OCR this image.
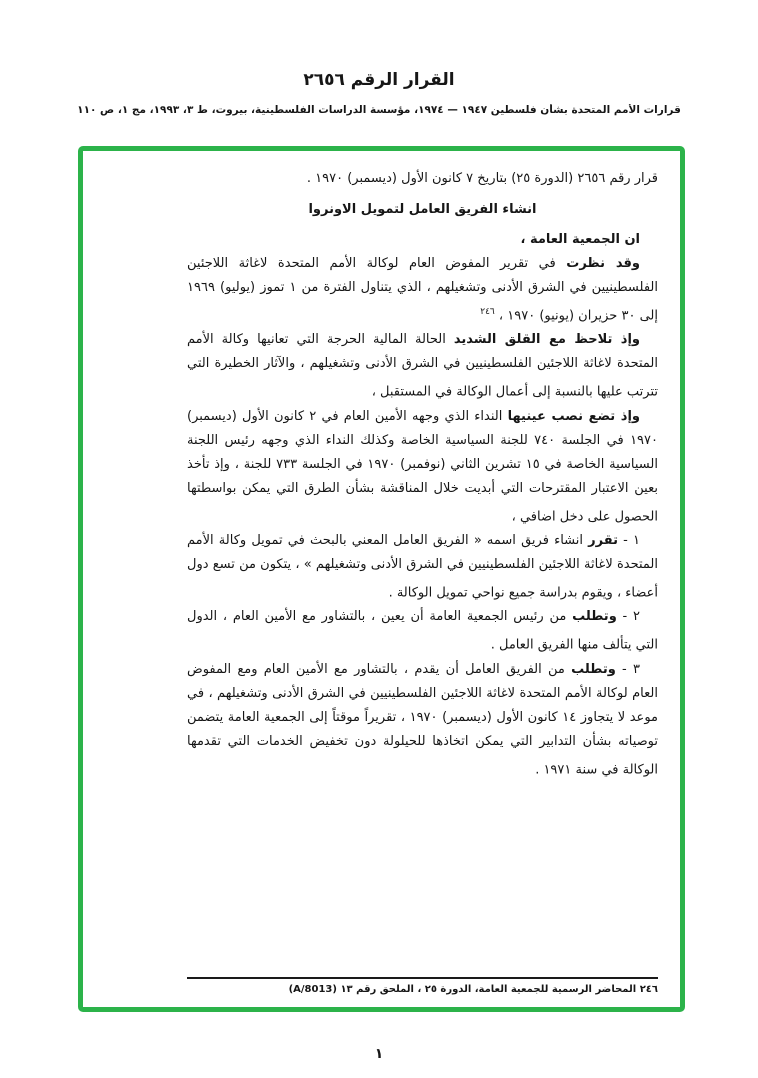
القرار الرقم ٢٦٥٦
قرارات الأمم المتحدة بشأن فلسطين ١٩٤٧ — ١٩٧٤، مؤسسة الدراسات الفلسطينية، بيروت، ط ٣، ١٩٩٣، مج ١، ص ١١٠

قرار رقم ٢٦٥٦ (الدورة ٢٥) بتاريخ ٧ كانون الأول (ديسمبر) ١٩٧٠ .

انشاء الفريق العامل لتمويل الاونروا

ان الجمعية العامة ،

وقد نظرت في تقرير المفوض العام لوكالة الأمم المتحدة لاغاثة اللاجئين الفلسطينيين في الشرق الأدنى وتشغيلهم ، الذي يتناول الفترة من ١ تموز (يوليو) ١٩٦٩ إلى ٣٠ حزيران (يونيو) ١٩٧٠ ، $^{٢٤٦}$

وإذ تلاحظ مع القلق الشديد الحالة المالية الحرجة التي تعانيها وكالة الأمم المتحدة لاغاثة اللاجئين الفلسطينيين في الشرق الأدنى وتشغيلهم ، والآثار الخطيرة التي تترتب عليها بالنسبة إلى أعمال الوكالة في المستقبل ،

وإذ تضع نصب عينيها النداء الذي وجهه الأمين العام في ٢ كانون الأول (ديسمبر) ١٩٧٠ في الجلسة ٧٤٠ للجنة السياسية الخاصة وكذلك النداء الذي وجهه رئيس اللجنة السياسية الخاصة في ١٥ تشرين الثاني (نوفمبر) ١٩٧٠ في الجلسة ٧٣٣ للجنة ، وإذ تأخذ بعين الاعتبار المقترحات التي أبديت خلال المناقشة بشأن الطرق التي يمكن بواسطتها الحصول على دخل اضافي ،

١ - تقرر انشاء فريق اسمه « الفريق العامل المعني بالبحث في تمويل وكالة الأمم المتحدة لاغاثة اللاجئين الفلسطينيين في الشرق الأدنى وتشغيلهم » ، يتكون من تسع دول أعضاء ، ويقوم بدراسة جميع نواحي تمويل الوكالة .

٢ - وتطلب من رئيس الجمعية العامة أن يعين ، بالتشاور مع الأمين العام ، الدول التي يتألف منها الفريق العامل .

٣ - وتطلب من الفريق العامل أن يقدم ، بالتشاور مع الأمين العام ومع المفوض العام لوكالة الأمم المتحدة لاغاثة اللاجئين الفلسطينيين في الشرق الأدنى وتشغيلهم ، في موعد لا يتجاوز ١٤ كانون الأول (ديسمبر) ١٩٧٠ ، تقريراً موقتاً إلى الجمعية العامة يتضمن توصياته بشأن التدابير التي يمكن اتخاذها للحيلولة دون تخفيض الخدمات التي تقدمها الوكالة في سنة ١٩٧١ .

٢٤٦ المحاضر الرسمية للجمعية العامة، الدورة ٢٥ ، الملحق رقم ١٣ (A/8013)

١
